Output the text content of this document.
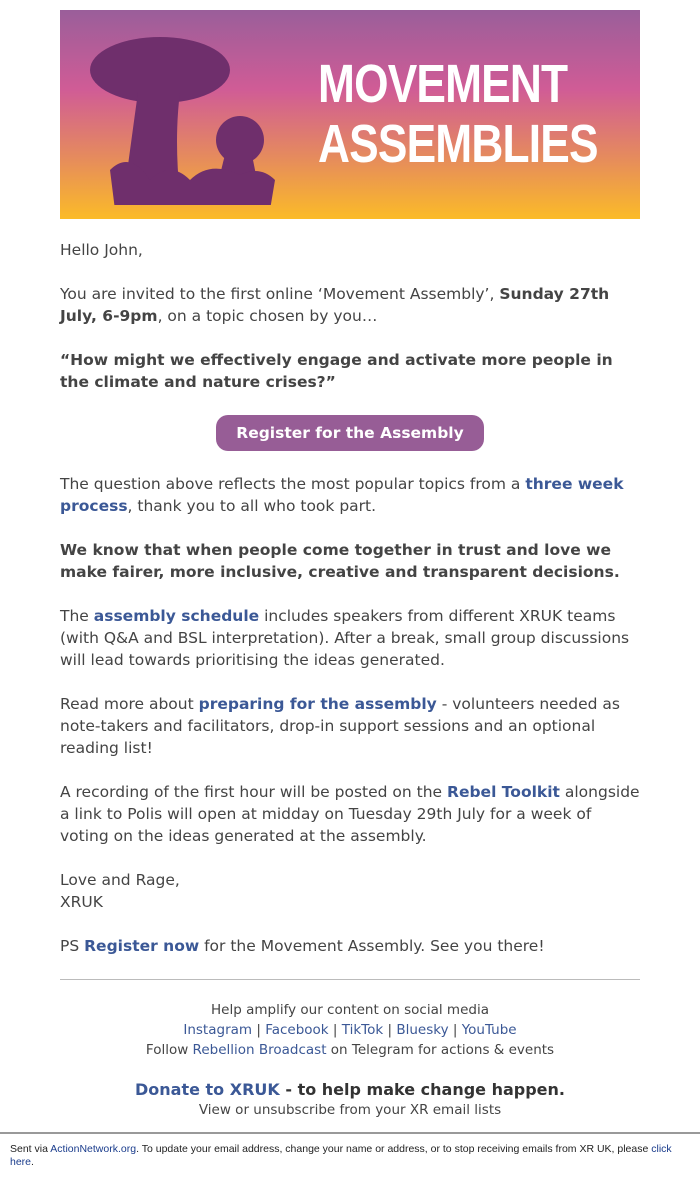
MOVEMENT
ASSEMBLIES

Hello John,

You are invited to the first online ‘Movement Assembly’, Sunday 27th July, 6-9pm, on a topic chosen by you…

“How might we effectively engage and activate more people in the climate and nature crises?”

Register for the Assembly

The question above reflects the most popular topics from a three week process, thank you to all who took part.

We know that when people come together in trust and love we make fairer, more inclusive, creative and transparent decisions.

The assembly schedule includes speakers from different XRUK teams (with Q&A and BSL interpretation). After a break, small group discussions will lead towards prioritising the ideas generated.

Read more about preparing for the assembly - volunteers needed as note-takers and facilitators, drop-in support sessions and an optional reading list!

A recording of the first hour will be posted on the Rebel Toolkit alongside a link to Polis will open at midday on Tuesday 29th July for a week of voting on the ideas generated at the assembly.

Love and Rage,
XRUK

PS Register now for the Movement Assembly. See you there!

Help amplify our content on social media
Instagram | Facebook | TikTok | Bluesky | YouTube
Follow Rebellion Broadcast on Telegram for actions & events
Donate to XRUK - to help make change happen.
View or unsubscribe from your XR email lists
Sent via ActionNetwork.org. To update your email address, change your name or address, or to stop receiving emails from XR UK, please click here.
